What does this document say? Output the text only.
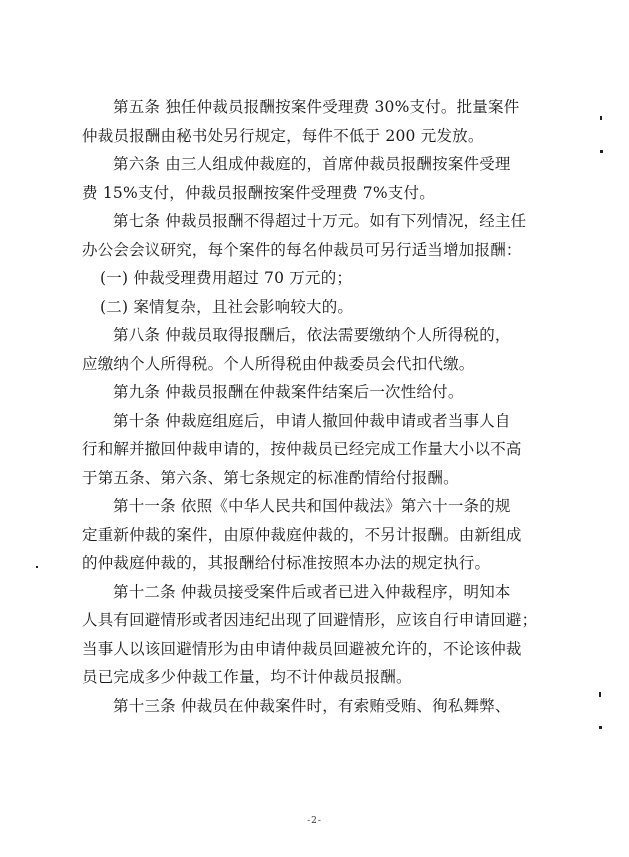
第五条 独任仲裁员报酬按案件受理费 30%支付。批量案件
仲裁员报酬由秘书处另行规定，每件不低于 200 元发放。
第六条 由三人组成仲裁庭的，首席仲裁员报酬按案件受理
费 15%支付，仲裁员报酬按案件受理费 7%支付。
第七条 仲裁员报酬不得超过十万元。如有下列情况，经主任
办公会会议研究，每个案件的每名仲裁员可另行适当增加报酬：
(一) 仲裁受理费用超过 70 万元的；
(二) 案情复杂，且社会影响较大的。
第八条 仲裁员取得报酬后，依法需要缴纳个人所得税的，
应缴纳个人所得税。个人所得税由仲裁委员会代扣代缴。
第九条 仲裁员报酬在仲裁案件结案后一次性给付。
第十条 仲裁庭组庭后，申请人撤回仲裁申请或者当事人自
行和解并撤回仲裁申请的，按仲裁员已经完成工作量大小以不高
于第五条、第六条、第七条规定的标准酌情给付报酬。
第十一条 依照《中华人民共和国仲裁法》第六十一条的规
定重新仲裁的案件，由原仲裁庭仲裁的，不另计报酬。由新组成
的仲裁庭仲裁的，其报酬给付标准按照本办法的规定执行。
第十二条 仲裁员接受案件后或者已进入仲裁程序，明知本
人具有回避情形或者因违纪出现了回避情形，应该自行申请回避；
当事人以该回避情形为由申请仲裁员回避被允许的，不论该仲裁
员已完成多少仲裁工作量，均不计仲裁员报酬。
第十三条 仲裁员在仲裁案件时，有索贿受贿、徇私舞弊、
-2-
